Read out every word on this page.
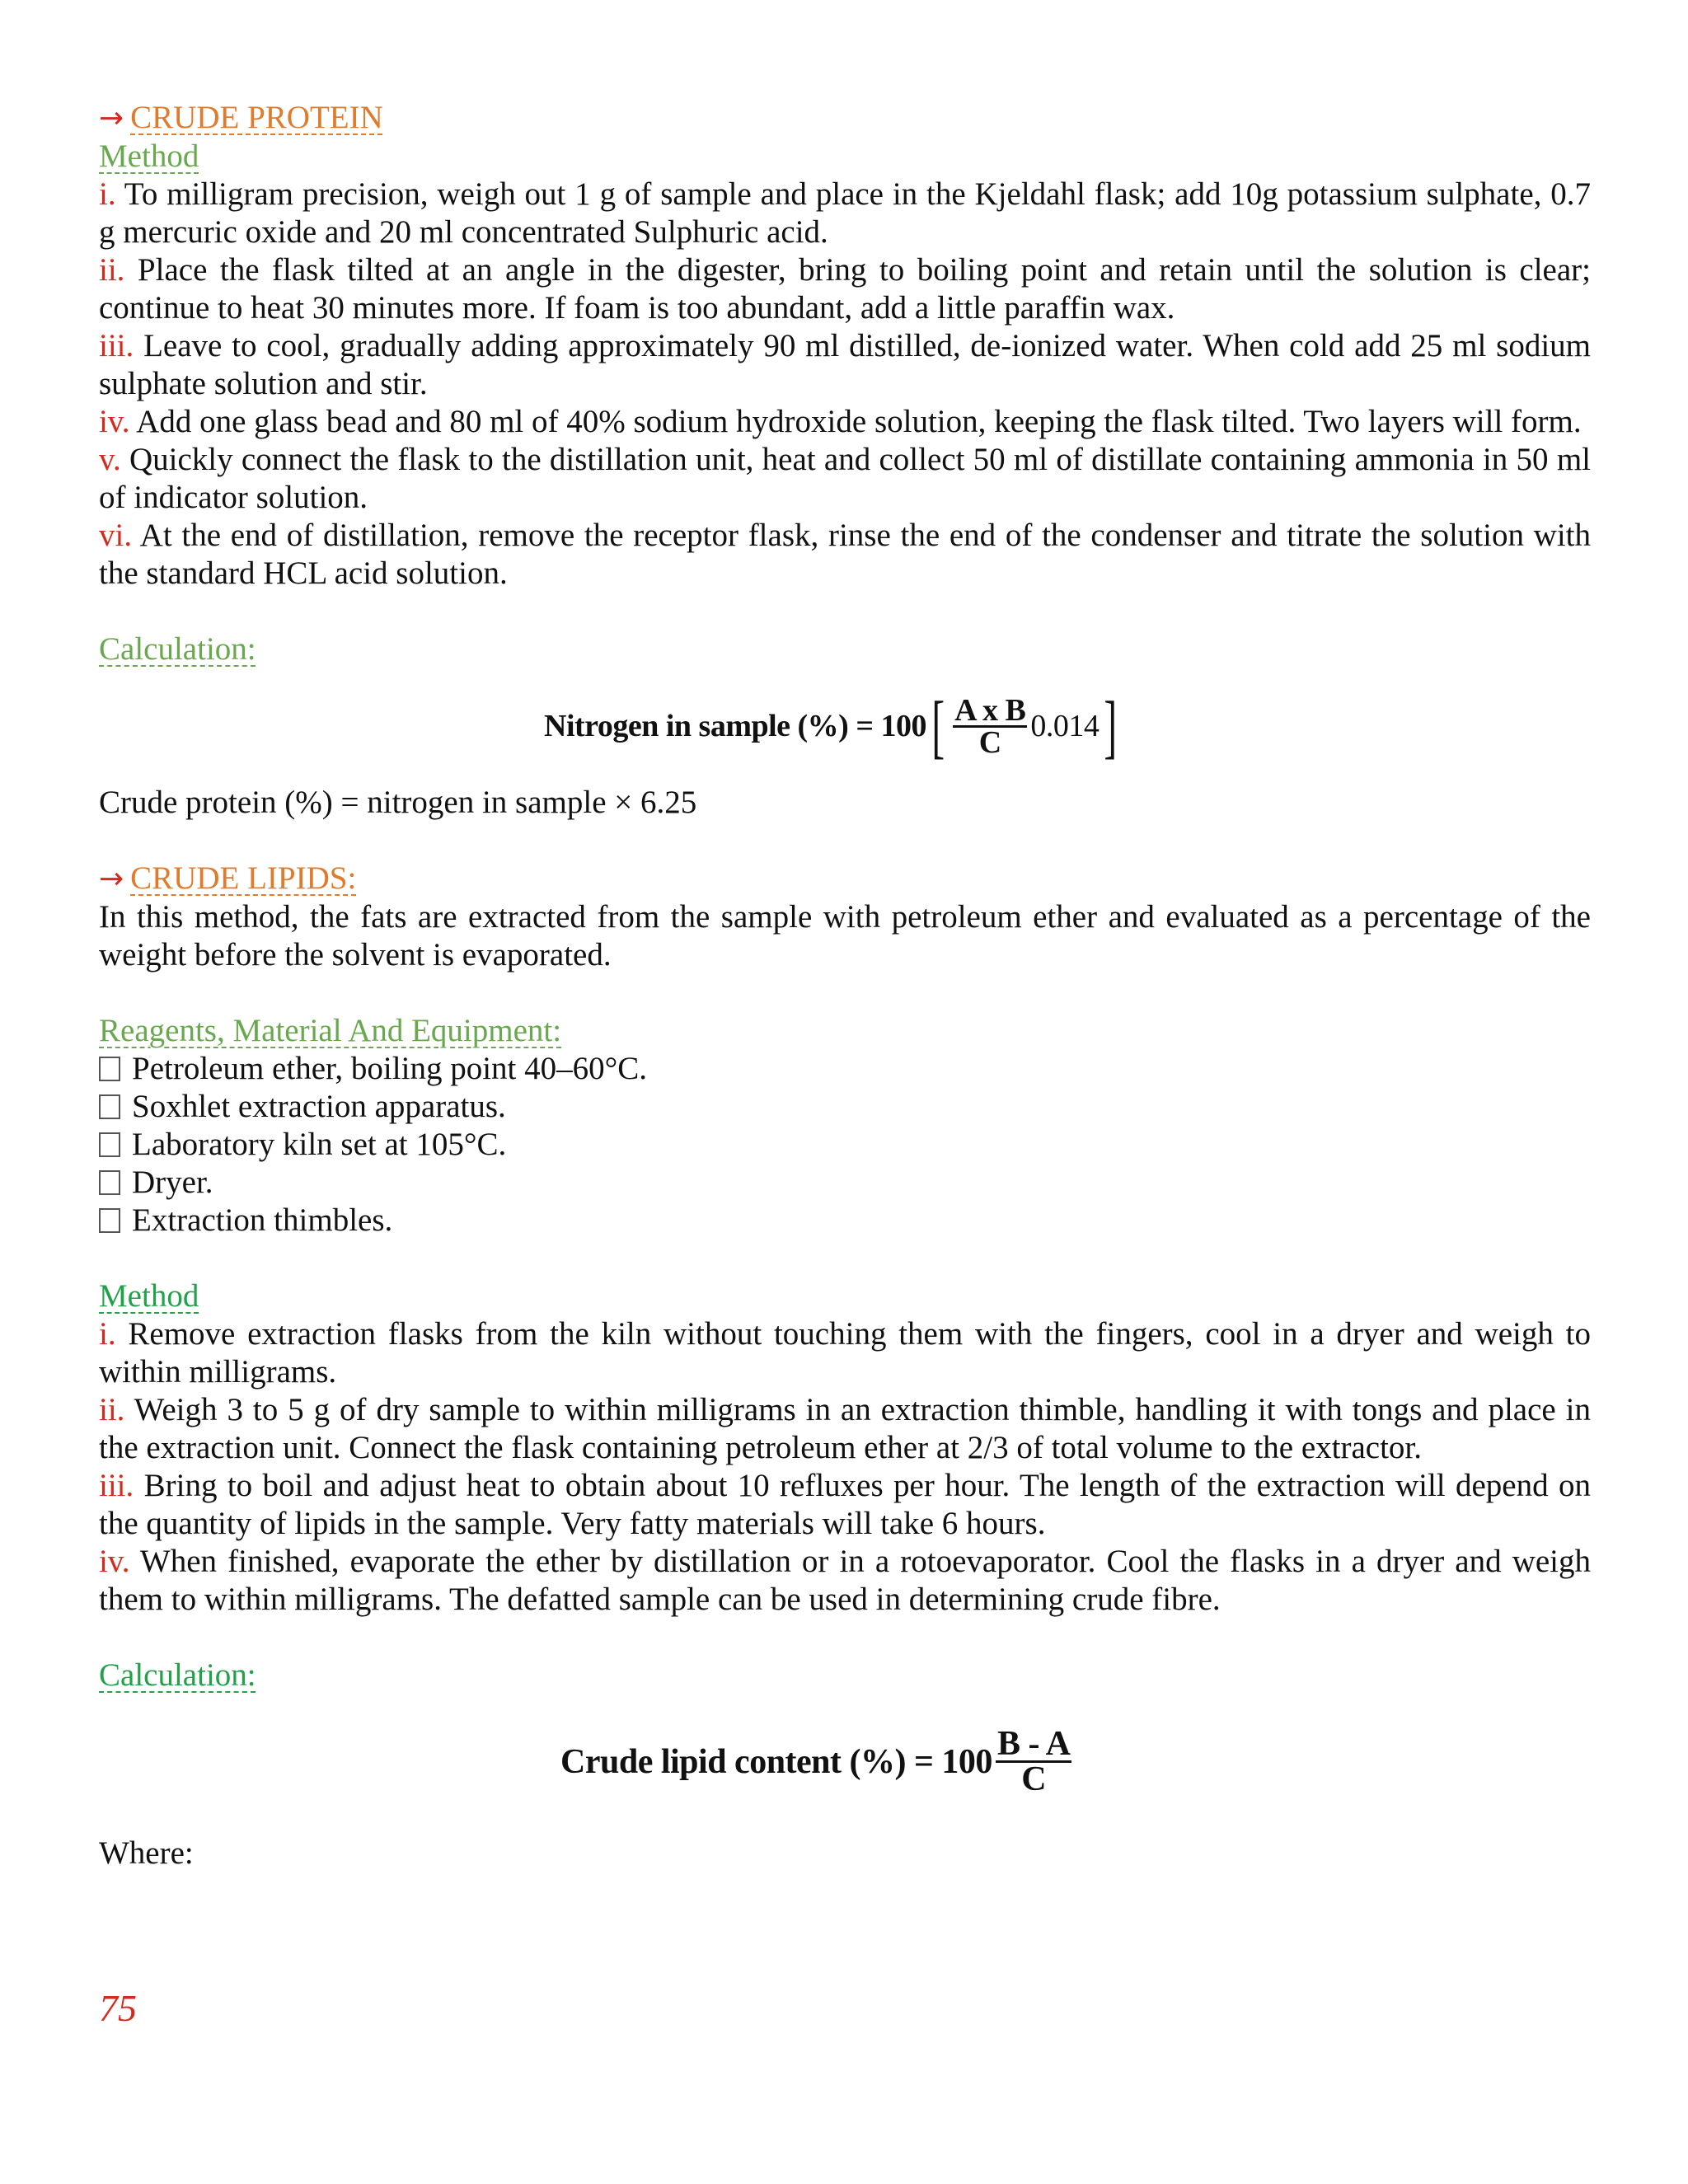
→ CRUDE PROTEIN
Method

i. To milligram precision, weigh out 1 g of sample and place in the Kjeldahl flask; add 10g potassium sulphate, 0.7 g mercuric oxide and 20 ml concentrated Sulphuric acid.

ii. Place the flask tilted at an angle in the digester, bring to boiling point and retain until the solution is clear; continue to heat 30 minutes more. If foam is too abundant, add a little paraffin wax.

iii. Leave to cool, gradually adding approximately 90 ml distilled, de-ionized water. When cold add 25 ml sodium sulphate solution and stir.

iv. Add one glass bead and 80 ml of 40% sodium hydroxide solution, keeping the flask tilted. Two layers will form.

v. Quickly connect the flask to the distillation unit, heat and collect 50 ml of distillate containing ammonia in 50 ml of indicator solution.

vi. At the end of distillation, remove the receptor flask, rinse the end of the condenser and titrate the solution with the standard HCL acid solution.

Calculation:
Nitrogen in sample (%) = 100 [ $\frac{\text{A x B}}{C} 0.014$ ]

Crude protein (%) = nitrogen in sample × 6.25

→ CRUDE LIPIDS:

In this method, the fats are extracted from the sample with petroleum ether and evaluated as a percentage of the weight before the solvent is evaporated.

Reagents, Material And Equipment:
Petroleum ether, boiling point 40–60°C.
Soxhlet extraction apparatus.
Laboratory kiln set at 105°C.
Dryer.
Extraction thimbles.
Method

i. Remove extraction flasks from the kiln without touching them with the fingers, cool in a dryer and weigh to within milligrams.

ii. Weigh 3 to 5 g of dry sample to within milligrams in an extraction thimble, handling it with tongs and place in the extraction unit. Connect the flask containing petroleum ether at 2/3 of total volume to the extractor.

iii. Bring to boil and adjust heat to obtain about 10 refluxes per hour. The length of the extraction will depend on the quantity of lipids in the sample. Very fatty materials will take 6 hours.

iv. When finished, evaporate the ether by distillation or in a rotoevaporator. Cool the flasks in a dryer and weigh them to within milligrams. The defatted sample can be used in determining crude fibre.

Calculation:
Crude lipid content (%) = $100 \frac{B - A}{C}$

Where:

75
